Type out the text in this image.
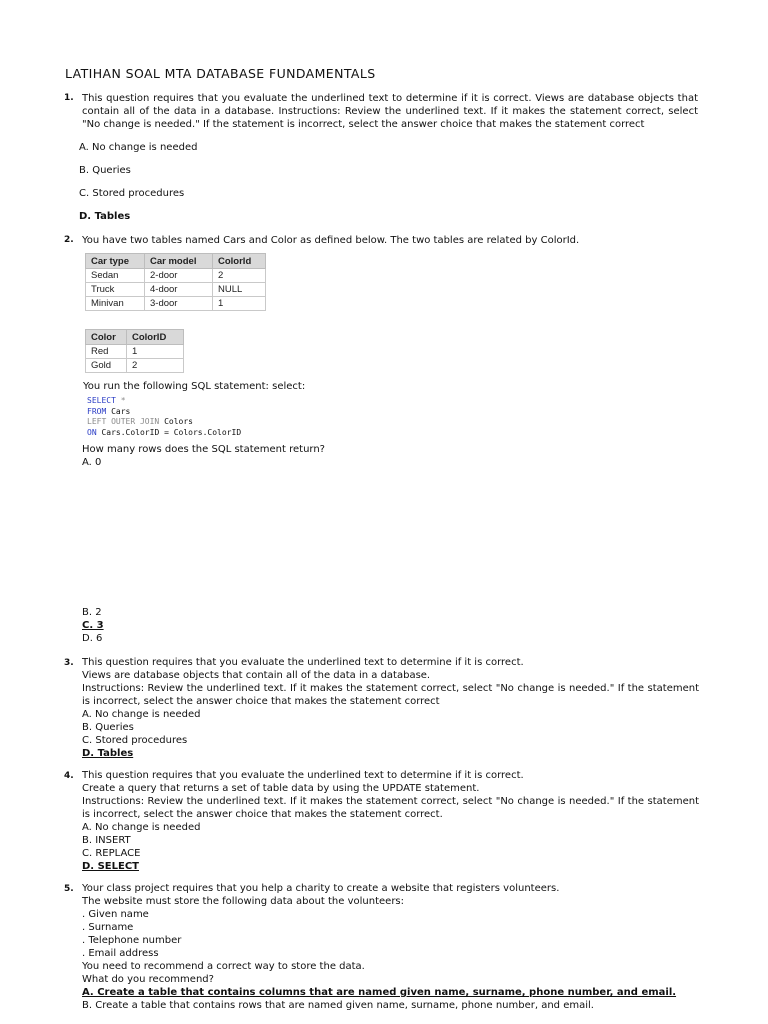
LATIHAN SOAL MTA DATABASE FUNDAMENTALS
1. This question requires that you evaluate the underlined text to determine if it is correct. Views are database objects that contain all of the data in a database. Instructions: Review the underlined text. If it makes the statement correct, select "No change is needed." If the statement is incorrect, select the answer choice that makes the statement correct
A. No change is needed
B. Queries
C. Stored procedures
D. Tables
2. You have two tables named Cars and Color as defined below. The two tables are related by ColorId.
Car type	Car model	ColorId
Sedan	2-door	2
Truck	4-door	NULL
Minivan	3-door	1
Color	ColorID
Red	1
Gold	2
You run the following SQL statement: select:
SELECT *
FROM Cars
LEFT OUTER JOIN Colors
ON Cars.ColorID = Colors.ColorID
How many rows does the SQL statement return?
A. 0
B. 2
C. 3
D. 6
3. This question requires that you evaluate the underlined text to determine if it is correct.
Views are database objects that contain all of the data in a database.
Instructions: Review the underlined text. If it makes the statement correct, select "No change is needed." If the statement is incorrect, select the answer choice that makes the statement correct
A. No change is needed
B. Queries
C. Stored procedures
D. Tables
4. This question requires that you evaluate the underlined text to determine if it is correct.
Create a query that returns a set of table data by using the UPDATE statement.
Instructions: Review the underlined text. If it makes the statement correct, select "No change is needed." If the statement is incorrect, select the answer choice that makes the statement correct.
A. No change is needed
B. INSERT
C. REPLACE
D. SELECT
5. Your class project requires that you help a charity to create a website that registers volunteers.
The website must store the following data about the volunteers:
. Given name
. Surname
. Telephone number
. Email address
You need to recommend a correct way to store the data.
What do you recommend?
A. Create a table that contains columns that are named given name, surname, phone number, and email.
B. Create a table that contains rows that are named given name, surname, phone number, and email.
